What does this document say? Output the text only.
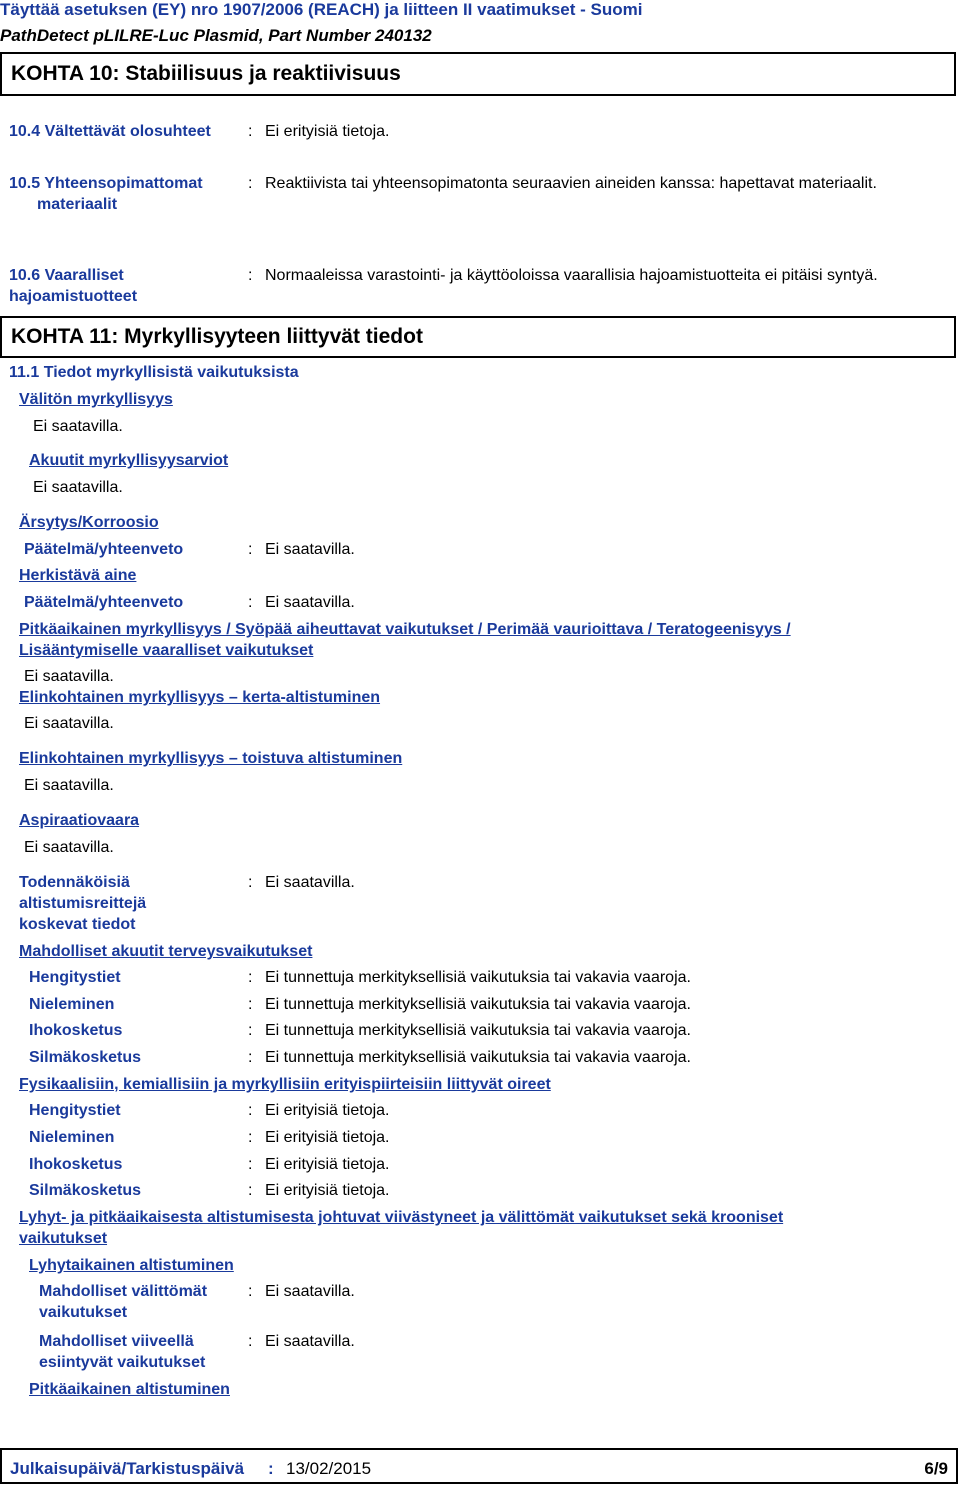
Täyttää asetuksen (EY) nro 1907/2006 (REACH) ja liitteen II vaatimukset - Suomi
PathDetect pLILRE-Luc Plasmid, Part Number 240132
KOHTA 10: Stabiilisuus ja reaktiivisuus
10.4 Vältettävät olosuhteet : Ei erityisiä tietoja.
10.5 Yhteensopimattomat
materiaalit
: Reaktiivista tai yhteensopimatonta seuraavien aineiden kanssa: hapettavat materiaalit.
10.6 Vaaralliset
hajoamistuotteet
: Normaaleissa varastointi- ja käyttöoloissa vaarallisia hajoamistuotteita ei pitäisi syntyä.
KOHTA 11: Myrkyllisyyteen liittyvät tiedot
11.1 Tiedot myrkyllisistä vaikutuksista
Välitön myrkyllisyys
Ei saatavilla.
Akuutit myrkyllisyysarviot
Ei saatavilla.
Ärsytys/Korroosio
Päätelmä/yhteenveto	: Ei saatavilla.
Herkistävä aine
Päätelmä/yhteenveto	: Ei saatavilla.
Pitkäaikainen myrkyllisyys / Syöpää aiheuttavat vaikutukset / Perimää vaurioittava / Teratogeenisyys /
Lisääntymiselle vaaralliset vaikutukset
Ei saatavilla.
Elinkohtainen myrkyllisyys – kerta-altistuminen
Ei saatavilla.
Elinkohtainen myrkyllisyys – toistuva altistuminen
Ei saatavilla.
Aspiraatiovaara
Ei saatavilla.
Todennäköisiä
altistumisreittejä
koskevat tiedot
: Ei saatavilla.
Mahdolliset akuutit terveysvaikutukset
Hengitystiet	: Ei tunnettuja merkityksellisiä vaikutuksia tai vakavia vaaroja.
Nieleminen	: Ei tunnettuja merkityksellisiä vaikutuksia tai vakavia vaaroja.
Ihokosketus	: Ei tunnettuja merkityksellisiä vaikutuksia tai vakavia vaaroja.
Silmäkosketus	: Ei tunnettuja merkityksellisiä vaikutuksia tai vakavia vaaroja.
Fysikaalisiin, kemiallisiin ja myrkyllisiin erityispiirteisiin liittyvät oireet
Hengitystiet	: Ei erityisiä tietoja.
Nieleminen	: Ei erityisiä tietoja.
Ihokosketus	: Ei erityisiä tietoja.
Silmäkosketus	: Ei erityisiä tietoja.
Lyhyt- ja pitkäaikaisesta altistumisesta johtuvat viivästyneet ja välittömät vaikutukset sekä krooniset
vaikutukset
Lyhytaikainen altistuminen
Mahdolliset välittömät
vaikutukset
: Ei saatavilla.
Mahdolliset viiveellä
esiintyvät vaikutukset
: Ei saatavilla.
Pitkäaikainen altistuminen
Julkaisupäivä/Tarkistuspäivä : 13/02/2015	6/9
